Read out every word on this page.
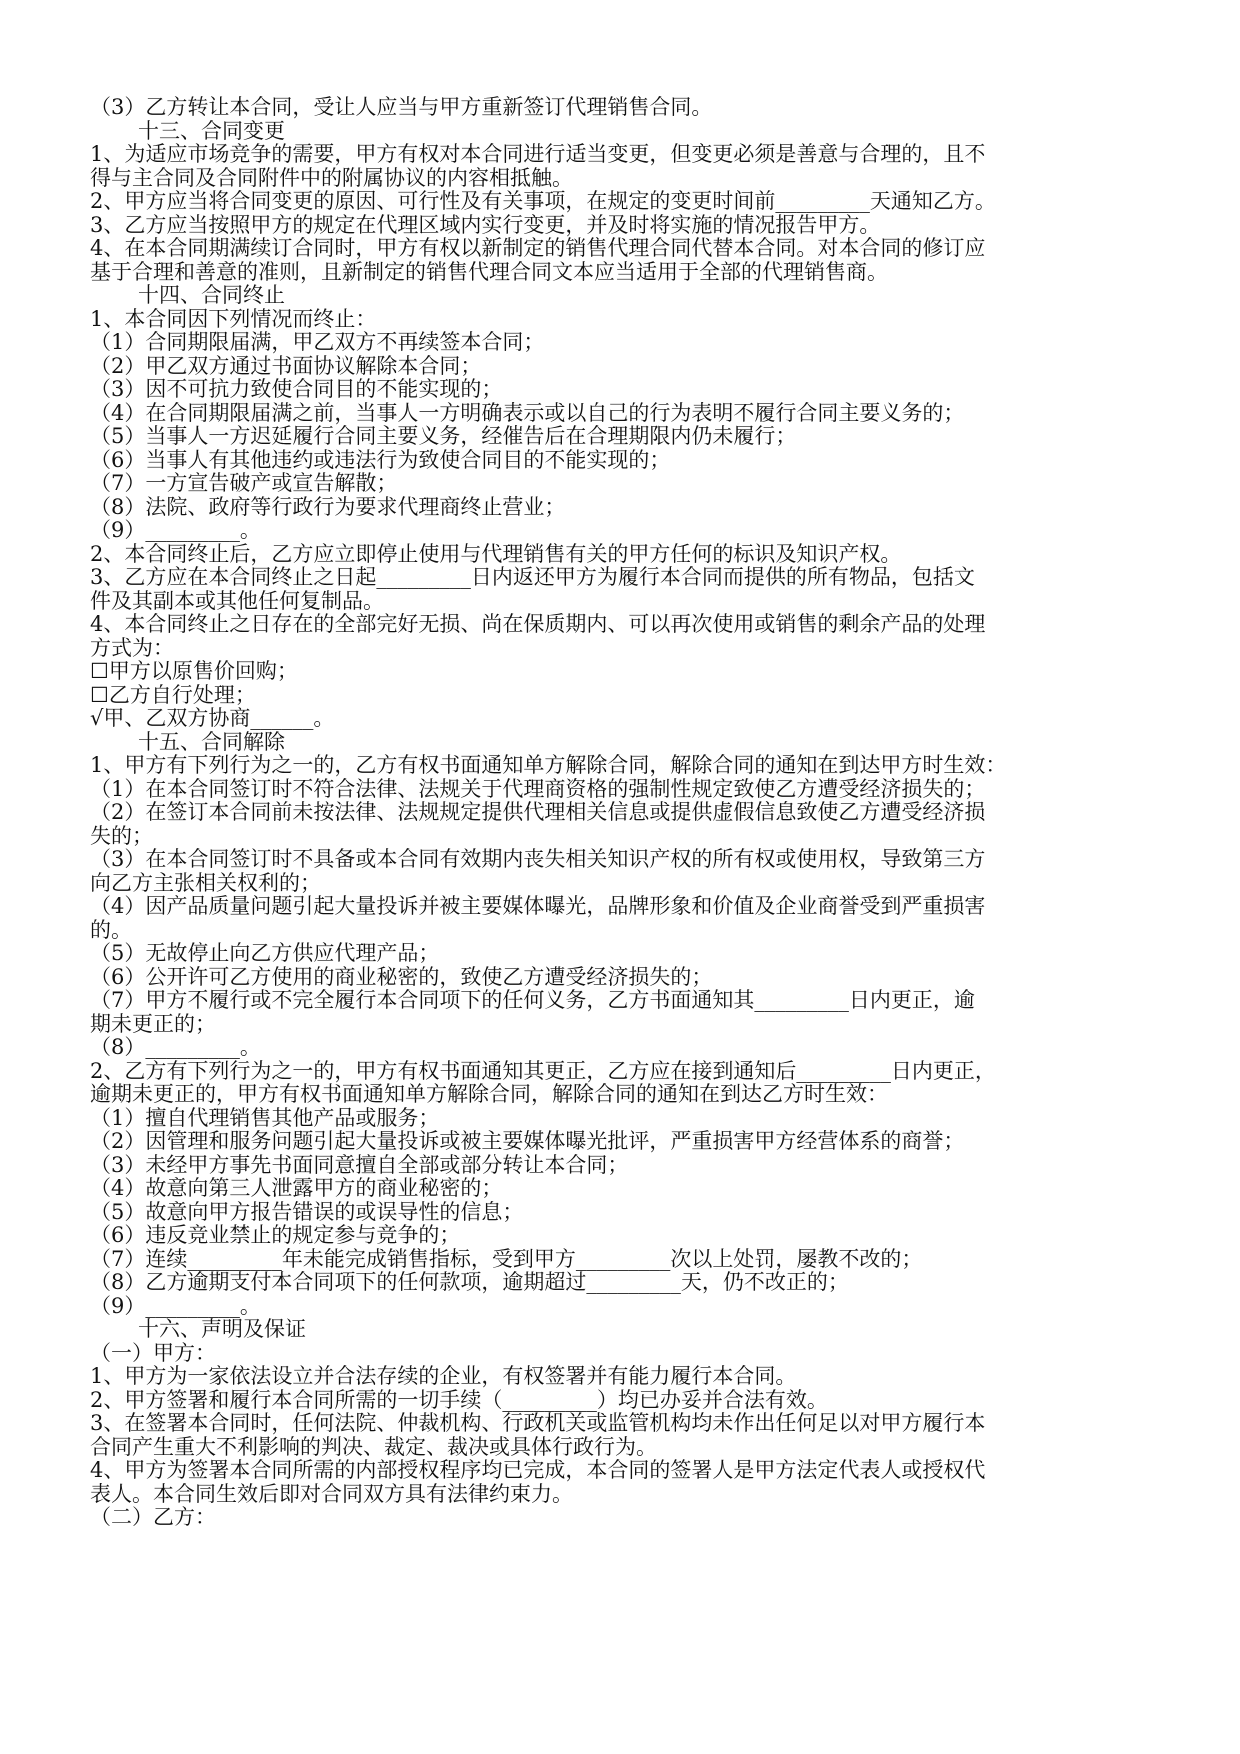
（3）乙方转让本合同，受让人应当与甲方重新签订代理销售合同。
十三、合同变更
1、为适应市场竞争的需要，甲方有权对本合同进行适当变更，但变更必须是善意与合理的，且不
得与主合同及合同附件中的附属协议的内容相抵触。
2、甲方应当将合同变更的原因、可行性及有关事项，在规定的变更时间前_________天通知乙方。
3、乙方应当按照甲方的规定在代理区域内实行变更，并及时将实施的情况报告甲方。
4、在本合同期满续订合同时，甲方有权以新制定的销售代理合同代替本合同。对本合同的修订应
基于合理和善意的准则，且新制定的销售代理合同文本应当适用于全部的代理销售商。
十四、合同终止
1、本合同因下列情况而终止：
（1）合同期限届满，甲乙双方不再续签本合同；
（2）甲乙双方通过书面协议解除本合同；
（3）因不可抗力致使合同目的不能实现的；
（4）在合同期限届满之前，当事人一方明确表示或以自己的行为表明不履行合同主要义务的；
（5）当事人一方迟延履行合同主要义务，经催告后在合理期限内仍未履行；
（6）当事人有其他违约或违法行为致使合同目的不能实现的；
（7）一方宣告破产或宣告解散；
（8）法院、政府等行政行为要求代理商终止营业；
（9）_________。
2、本合同终止后，乙方应立即停止使用与代理销售有关的甲方任何的标识及知识产权。
3、乙方应在本合同终止之日起_________日内返还甲方为履行本合同而提供的所有物品，包括文
件及其副本或其他任何复制品。
4、本合同终止之日存在的全部完好无损、尚在保质期内、可以再次使用或销售的剩余产品的处理
方式为：
☐甲方以原售价回购；
☐乙方自行处理；
√甲、乙双方协商______。
十五、合同解除
1、甲方有下列行为之一的，乙方有权书面通知单方解除合同，解除合同的通知在到达甲方时生效：
（1）在本合同签订时不符合法律、法规关于代理商资格的强制性规定致使乙方遭受经济损失的；
（2）在签订本合同前未按法律、法规规定提供代理相关信息或提供虚假信息致使乙方遭受经济损
失的；
（3）在本合同签订时不具备或本合同有效期内丧失相关知识产权的所有权或使用权，导致第三方
向乙方主张相关权利的；
（4）因产品质量问题引起大量投诉并被主要媒体曝光，品牌形象和价值及企业商誉受到严重损害
的。
（5）无故停止向乙方供应代理产品；
（6）公开许可乙方使用的商业秘密的，致使乙方遭受经济损失的；
（7）甲方不履行或不完全履行本合同项下的任何义务，乙方书面通知其_________日内更正，逾
期未更正的；
（8）_________。
2、乙方有下列行为之一的，甲方有权书面通知其更正，乙方应在接到通知后_________日内更正，
逾期未更正的，甲方有权书面通知单方解除合同，解除合同的通知在到达乙方时生效：
（1）擅自代理销售其他产品或服务；
（2）因管理和服务问题引起大量投诉或被主要媒体曝光批评，严重损害甲方经营体系的商誉；
（3）未经甲方事先书面同意擅自全部或部分转让本合同；
（4）故意向第三人泄露甲方的商业秘密的；
（5）故意向甲方报告错误的或误导性的信息；
（6）违反竞业禁止的规定参与竞争的；
（7）连续_________年未能完成销售指标，受到甲方_________次以上处罚，屡教不改的；
（8）乙方逾期支付本合同项下的任何款项，逾期超过_________天，仍不改正的；
（9）_________。
十六、声明及保证
（一）甲方：
1、甲方为一家依法设立并合法存续的企业，有权签署并有能力履行本合同。
2、甲方签署和履行本合同所需的一切手续（_________）均已办妥并合法有效。
3、在签署本合同时，任何法院、仲裁机构、行政机关或监管机构均未作出任何足以对甲方履行本
合同产生重大不利影响的判决、裁定、裁决或具体行政行为。
4、甲方为签署本合同所需的内部授权程序均已完成，本合同的签署人是甲方法定代表人或授权代
表人。本合同生效后即对合同双方具有法律约束力。
（二）乙方：
